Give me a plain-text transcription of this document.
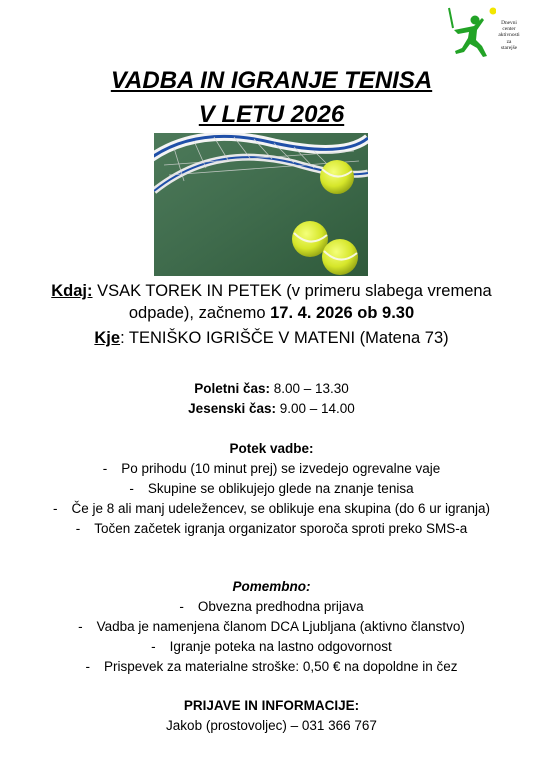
Dnevni
center
aktivnosti
za
starejše
VADBA IN IGRANJE TENISA
V LETU 2026
Kdaj: VSAK TOREK IN PETEK (v primeru slabega vremena odpade), začnemo 17. 4. 2026 ob 9.30
Kje: TENIŠKO IGRIŠČE V MATENI (Matena 73)
Poletni čas: 8.00 – 13.30
Jesenski čas: 9.00 – 14.00
Potek vadbe:
- Po prihodu (10 minut prej) se izvedejo ogrevalne vaje
- Skupine se oblikujejo glede na znanje tenisa
- Če je 8 ali manj udeležencev, se oblikuje ena skupina (do 6 ur igranja)
- Točen začetek igranja organizator sporoča sproti preko SMS-a
Pomembno:
- Obvezna predhodna prijava
- Vadba je namenjena članom DCA Ljubljana (aktivno članstvo)
- Igranje poteka na lastno odgovornost
- Prispevek za materialne stroške: 0,50 € na dopoldne in čez
PRIJAVE IN INFORMACIJE:
Jakob (prostovoljec) – 031 366 767
